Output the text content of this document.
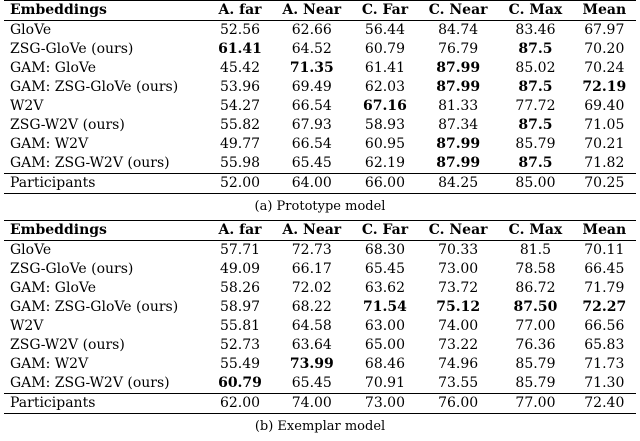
Embeddings	A. far	A. Near	C. Far	C. Near	C. Max	Mean
GloVe	52.56	62.66	56.44	84.74	83.46	67.97
ZSG-GloVe (ours)	61.41	64.52	60.79	76.79	87.5	70.20
GAM: GloVe	45.42	71.35	61.41	87.99	85.02	70.24
GAM: ZSG-GloVe (ours)	53.96	69.49	62.03	87.99	87.5	72.19
W2V	54.27	66.54	67.16	81.33	77.72	69.40
ZSG-W2V (ours)	55.82	67.93	58.93	87.34	87.5	71.05
GAM: W2V	49.77	66.54	60.95	87.99	85.79	70.21
GAM: ZSG-W2V (ours)	55.98	65.45	62.19	87.99	87.5	71.82
Participants	52.00	64.00	66.00	84.25	85.00	70.25
(a) Prototype model
Embeddings	A. far	A. Near	C. Far	C. Near	C. Max	Mean
GloVe	57.71	72.73	68.30	70.33	81.5	70.11
ZSG-GloVe (ours)	49.09	66.17	65.45	73.00	78.58	66.45
GAM: GloVe	58.26	72.02	63.62	73.72	86.72	71.79
GAM: ZSG-GloVe (ours)	58.97	68.22	71.54	75.12	87.50	72.27
W2V	55.81	64.58	63.00	74.00	77.00	66.56
ZSG-W2V (ours)	52.73	63.64	65.00	73.22	76.36	65.83
GAM: W2V	55.49	73.99	68.46	74.96	85.79	71.73
GAM: ZSG-W2V (ours)	60.79	65.45	70.91	73.55	85.79	71.30
Participants	62.00	74.00	73.00	76.00	77.00	72.40
(b) Exemplar model
